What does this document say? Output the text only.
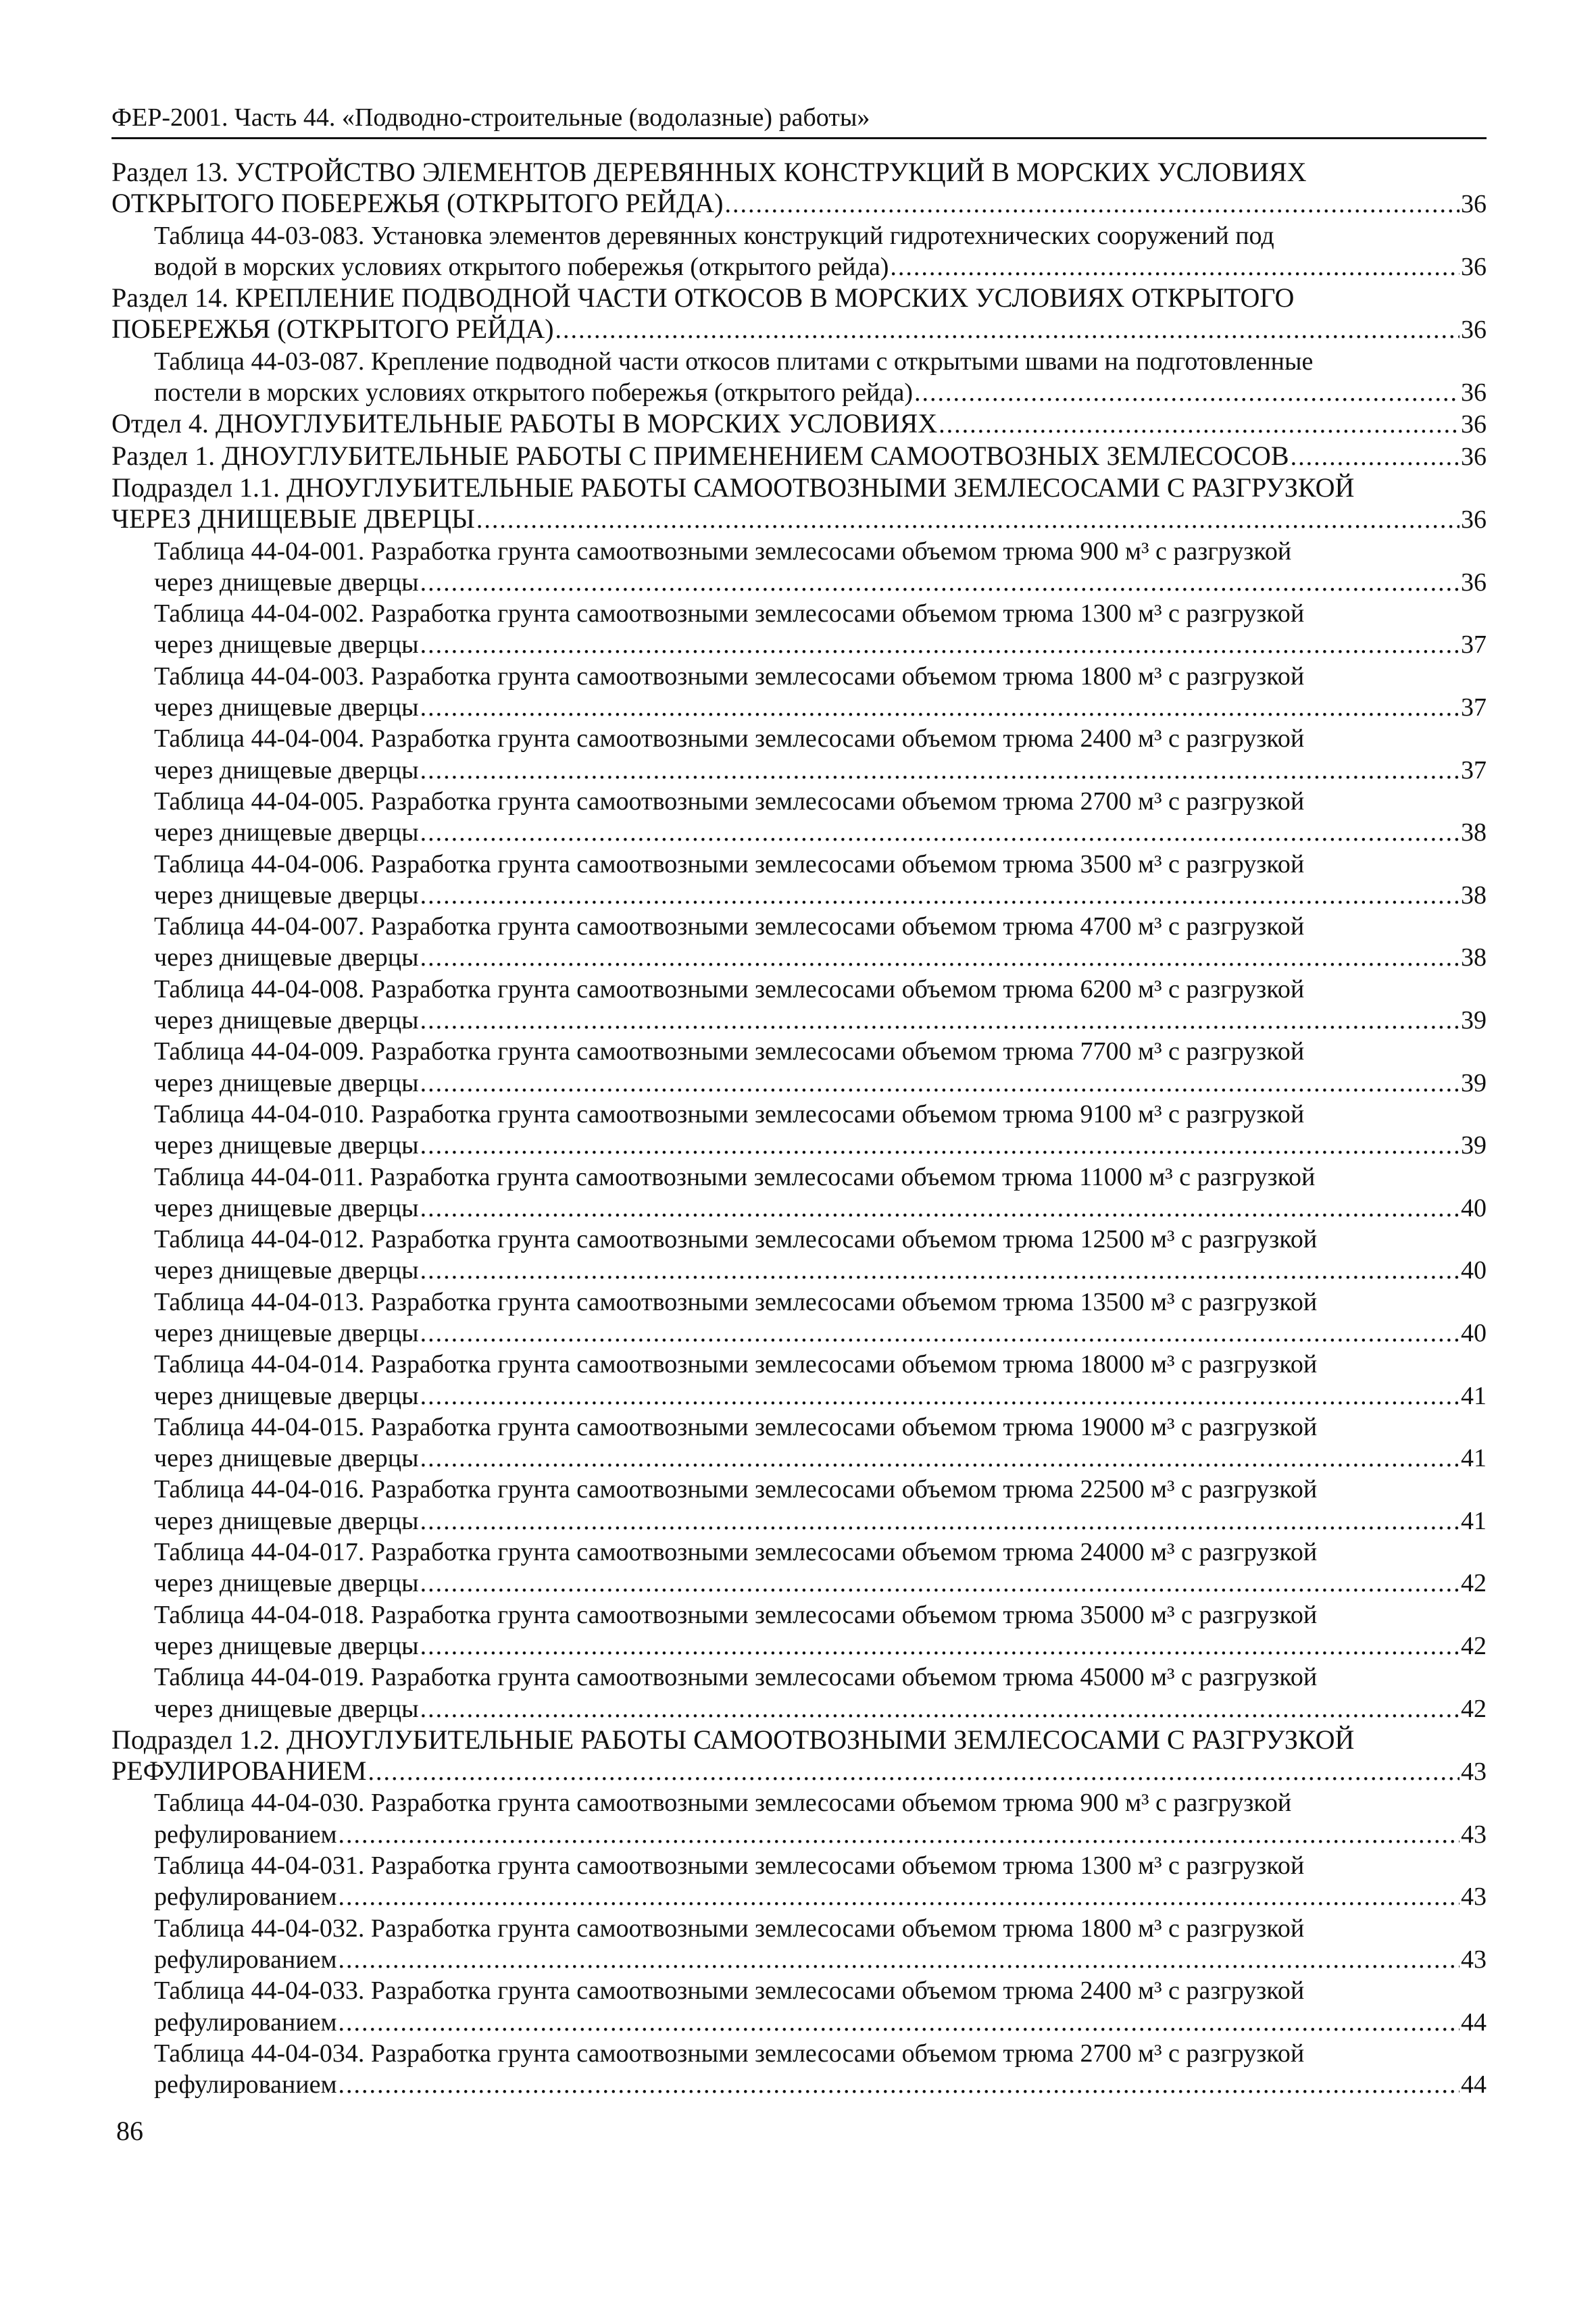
ФЕР-2001. Часть 44. «Подводно-строительные (водолазные) работы»
Раздел 13. УСТРОЙСТВО ЭЛЕМЕНТОВ ДЕРЕВЯННЫХ КОНСТРУКЦИЙ В МОРСКИХ УСЛОВИЯХ
ОТКРЫТОГО ПОБЕРЕЖЬЯ (ОТКРЫТОГО РЕЙДА) .....	36
Таблица 44-03-083. Установка элементов деревянных конструкций гидротехнических сооружений под
водой в морских условиях открытого побережья (открытого рейда) .....	36
Раздел 14. КРЕПЛЕНИЕ ПОДВОДНОЙ ЧАСТИ ОТКОСОВ В МОРСКИХ УСЛОВИЯХ ОТКРЫТОГО
ПОБЕРЕЖЬЯ (ОТКРЫТОГО РЕЙДА) .....	36
Таблица 44-03-087. Крепление подводной части откосов плитами с открытыми швами на подготовленные
постели в морских условиях открытого побережья (открытого рейда) .....	36
Отдел 4. ДНОУГЛУБИТЕЛЬНЫЕ РАБОТЫ В МОРСКИХ УСЛОВИЯХ .....	36
Раздел 1. ДНОУГЛУБИТЕЛЬНЫЕ РАБОТЫ С ПРИМЕНЕНИЕМ САМООТВОЗНЫХ ЗЕМЛЕСОСОВ .....	36
Подраздел 1.1. ДНОУГЛУБИТЕЛЬНЫЕ РАБОТЫ САМООТВОЗНЫМИ ЗЕМЛЕСОСАМИ С РАЗГРУЗКОЙ
ЧЕРЕЗ ДНИЩЕВЫЕ ДВЕРЦЫ .....	36
Таблица 44-04-001. Разработка грунта самоотвозными землесосами объемом трюма 900 м³ с разгрузкой
через днищевые дверцы .....	36
Таблица 44-04-002. Разработка грунта самоотвозными землесосами объемом трюма 1300 м³ с разгрузкой
через днищевые дверцы .....	37
Таблица 44-04-003. Разработка грунта самоотвозными землесосами объемом трюма 1800 м³ с разгрузкой
через днищевые дверцы .....	37
Таблица 44-04-004. Разработка грунта самоотвозными землесосами объемом трюма 2400 м³ с разгрузкой
через днищевые дверцы .....	37
Таблица 44-04-005. Разработка грунта самоотвозными землесосами объемом трюма 2700 м³ с разгрузкой
через днищевые дверцы .....	38
Таблица 44-04-006. Разработка грунта самоотвозными землесосами объемом трюма 3500 м³ с разгрузкой
через днищевые дверцы .....	38
Таблица 44-04-007. Разработка грунта самоотвозными землесосами объемом трюма 4700 м³ с разгрузкой
через днищевые дверцы .....	38
Таблица 44-04-008. Разработка грунта самоотвозными землесосами объемом трюма 6200 м³ с разгрузкой
через днищевые дверцы .....	39
Таблица 44-04-009. Разработка грунта самоотвозными землесосами объемом трюма 7700 м³ с разгрузкой
через днищевые дверцы .....	39
Таблица 44-04-010. Разработка грунта самоотвозными землесосами объемом трюма 9100 м³ с разгрузкой
через днищевые дверцы .....	39
Таблица 44-04-011. Разработка грунта самоотвозными землесосами объемом трюма 11000 м³ с разгрузкой
через днищевые дверцы .....	40
Таблица 44-04-012. Разработка грунта самоотвозными землесосами объемом трюма 12500 м³ с разгрузкой
через днищевые дверцы .....	40
Таблица 44-04-013. Разработка грунта самоотвозными землесосами объемом трюма 13500 м³ с разгрузкой
через днищевые дверцы .....	40
Таблица 44-04-014. Разработка грунта самоотвозными землесосами объемом трюма 18000 м³ с разгрузкой
через днищевые дверцы .....	41
Таблица 44-04-015. Разработка грунта самоотвозными землесосами объемом трюма 19000 м³ с разгрузкой
через днищевые дверцы .....	41
Таблица 44-04-016. Разработка грунта самоотвозными землесосами объемом трюма 22500 м³ с разгрузкой
через днищевые дверцы .....	41
Таблица 44-04-017. Разработка грунта самоотвозными землесосами объемом трюма 24000 м³ с разгрузкой
через днищевые дверцы .....	42
Таблица 44-04-018. Разработка грунта самоотвозными землесосами объемом трюма 35000 м³ с разгрузкой
через днищевые дверцы .....	42
Таблица 44-04-019. Разработка грунта самоотвозными землесосами объемом трюма 45000 м³ с разгрузкой
через днищевые дверцы .....	42
Подраздел 1.2. ДНОУГЛУБИТЕЛЬНЫЕ РАБОТЫ САМООТВОЗНЫМИ ЗЕМЛЕСОСАМИ С РАЗГРУЗКОЙ
РЕФУЛИРОВАНИЕМ .....	43
Таблица 44-04-030. Разработка грунта самоотвозными землесосами объемом трюма 900 м³ с разгрузкой
рефулированием .....	43
Таблица 44-04-031. Разработка грунта самоотвозными землесосами объемом трюма 1300 м³ с разгрузкой
рефулированием .....	43
Таблица 44-04-032. Разработка грунта самоотвозными землесосами объемом трюма 1800 м³ с разгрузкой
рефулированием .....	43
Таблица 44-04-033. Разработка грунта самоотвозными землесосами объемом трюма 2400 м³ с разгрузкой
рефулированием .....	44
Таблица 44-04-034. Разработка грунта самоотвозными землесосами объемом трюма 2700 м³ с разгрузкой
рефулированием .....	44
86
